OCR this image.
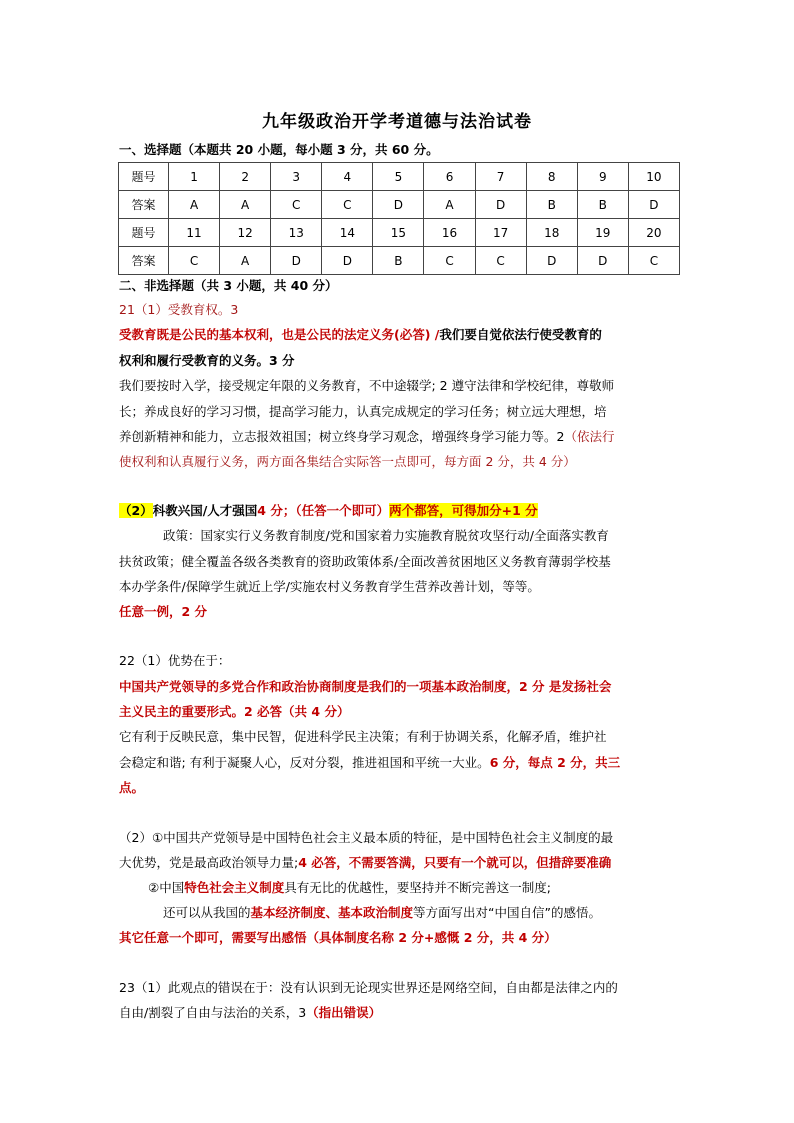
九年级政治开学考道德与法治试卷
一、选择题（本题共 20 小题，每小题 3 分，共 60 分。
题号	1	2	3	4	5	6	7	8	9	10
答案	A	A	C	C	D	A	D	B	B	D
题号	11	12	13	14	15	16	17	18	19	20
答案	C	A	D	D	B	C	C	D	D	C
二、非选择题（共 3 小题，共 40 分）
21（1）受教育权。3
受教育既是公民的基本权利，也是公民的法定义务(必答) /我们要自觉依法行使受教育的
权利和履行受教育的义务。3 分
我们要按时入学，接受规定年限的义务教育，不中途辍学; 2 遵守法律和学校纪律，尊敬师
长；养成良好的学习习惯，提高学习能力，认真完成规定的学习任务；树立远大理想，培
养创新精神和能力，立志报效祖国；树立终身学习观念，增强终身学习能力等。2（依法行
使权利和认真履行义务，两方面各集结合实际答一点即可，每方面 2 分，共 4 分）
（2）科教兴国/人才强国4 分；（任答一个即可）两个都答，可得加分+1 分
政策：国家实行义务教育制度/党和国家着力实施教育脱贫攻坚行动/全面落实教育
扶贫政策；健全覆盖各级各类教育的资助政策体系/全面改善贫困地区义务教育薄弱学校基
本办学条件/保障学生就近上学/实施农村义务教育学生营养改善计划，等等。
任意一例，2 分
22（1）优势在于：
中国共产党领导的多党合作和政治协商制度是我们的一项基本政治制度，2 分 是发扬社会
主义民主的重要形式。2 必答（共 4 分）
它有利于反映民意，集中民智，促进科学民主决策；有利于协调关系，化解矛盾，维护社
会稳定和谐; 有利于凝聚人心，反对分裂，推进祖国和平统一大业。6 分，每点 2 分，共三
点。
（2）①中国共产党领导是中国特色社会主义最本质的特征，是中国特色社会主义制度的最
大优势，党是最高政治领导力量;4 必答，不需要答满，只要有一个就可以，但措辞要准确
②中国特色社会主义制度具有无比的优越性，要坚持并不断完善这一制度;
还可以从我国的基本经济制度、基本政治制度等方面写出对“中国自信”的感悟。
其它任意一个即可，需要写出感悟（具体制度名称 2 分+感慨 2 分，共 4 分）
23（1）此观点的错误在于：没有认识到无论现实世界还是网络空间，自由都是法律之内的
自由/割裂了自由与法治的关系，3（指出错误）
